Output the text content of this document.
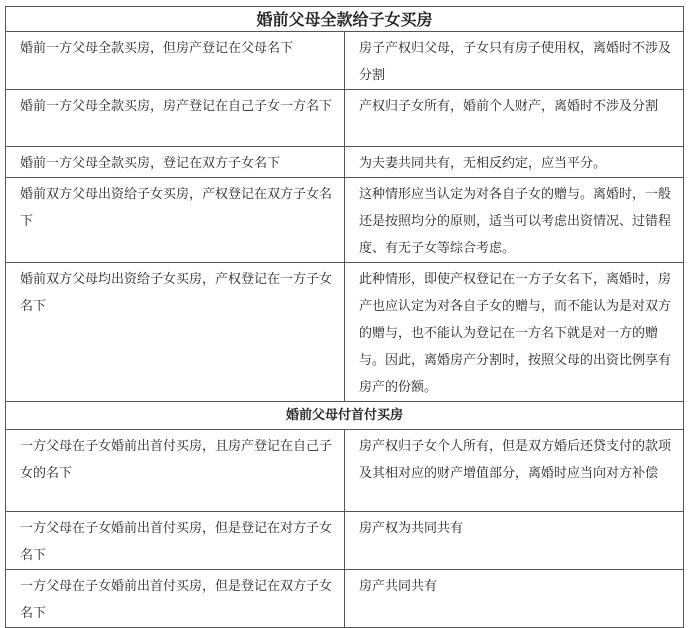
婚前父母全款给子女买房	
婚前一方父母全款买房，但房产登记在父母名下	房子产权归父母，子女只有房子使用权，离婚时不涉及分割
婚前一方父母全款买房，房产登记在自己子女一方名下	产权归子女所有，婚前个人财产，离婚时不涉及分割
婚前一方父母全款买房，登记在双方子女名下	为夫妻共同共有，无相反约定，应当平分。
婚前双方父母出资给子女买房，产权登记在双方子女名下	这种情形应当认定为对各自子女的赠与。离婚时，一般还是按照均分的原则，适当可以考虑出资情况、过错程度、有无子女等综合考虑。
婚前双方父母均出资给子女买房，产权登记在一方子女名下	此种情形，即使产权登记在一方子女名下，离婚时，房产也应认定为对各自子女的赠与，而不能认为是对双方的赠与，也不能认为登记在一方名下就是对一方的赠与。因此，离婚房产分割时，按照父母的出资比例享有房产的份额。
婚前父母付首付买房	
一方父母在子女婚前出首付买房，且房产登记在自己子女的名下	房产权归子女个人所有，但是双方婚后还贷支付的款项及其相对应的财产增值部分，离婚时应当向对方补偿
一方父母在子女婚前出首付买房，但是登记在对方子女名下	房产权为共同共有
一方父母在子女婚前出首付买房，但是登记在双方子女名下	房产共同共有
